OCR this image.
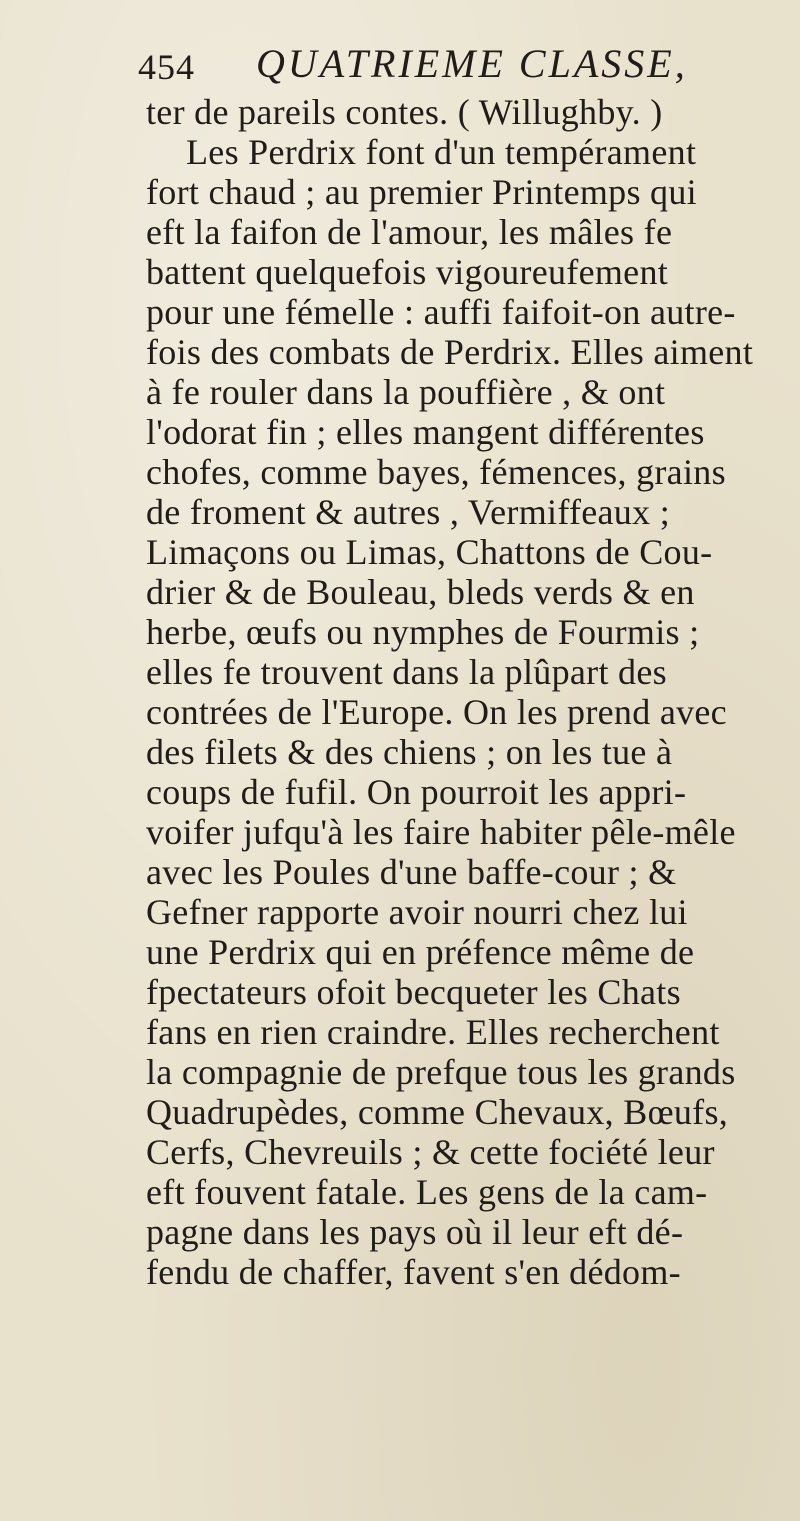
454 QUATRIEME CLASSE,
ter de pareils contes. ( Willughby. )
Les Perdrix font d'un tempérament
fort chaud ; au premier Printemps qui
eft la faifon de l'amour, les mâles fe
battent quelquefois vigoureufement
pour une fémelle : auffi faifoit-on autre-
fois des combats de Perdrix. Elles aiment
à fe rouler dans la pouffière , & ont
l'odorat fin ; elles mangent différentes
chofes, comme bayes, fémences, grains
de froment & autres , Vermiffeaux ;
Limaçons ou Limas, Chattons de Cou-
drier & de Bouleau, bleds verds & en
herbe, œufs ou nymphes de Fourmis ;
elles fe trouvent dans la plûpart des
contrées de l'Europe. On les prend avec
des filets & des chiens ; on les tue à
coups de fufil. On pourroit les appri-
voifer jufqu'à les faire habiter pêle-mêle
avec les Poules d'une baffe-cour ; &
Gefner rapporte avoir nourri chez lui
une Perdrix qui en préfence même de
fpectateurs ofoit becqueter les Chats
fans en rien craindre. Elles recherchent
la compagnie de prefque tous les grands
Quadrupèdes, comme Chevaux, Bœufs,
Cerfs, Chevreuils ; & cette fociété leur
eft fouvent fatale. Les gens de la cam-
pagne dans les pays où il leur eft dé-
fendu de chaffer, favent s'en dédom-
